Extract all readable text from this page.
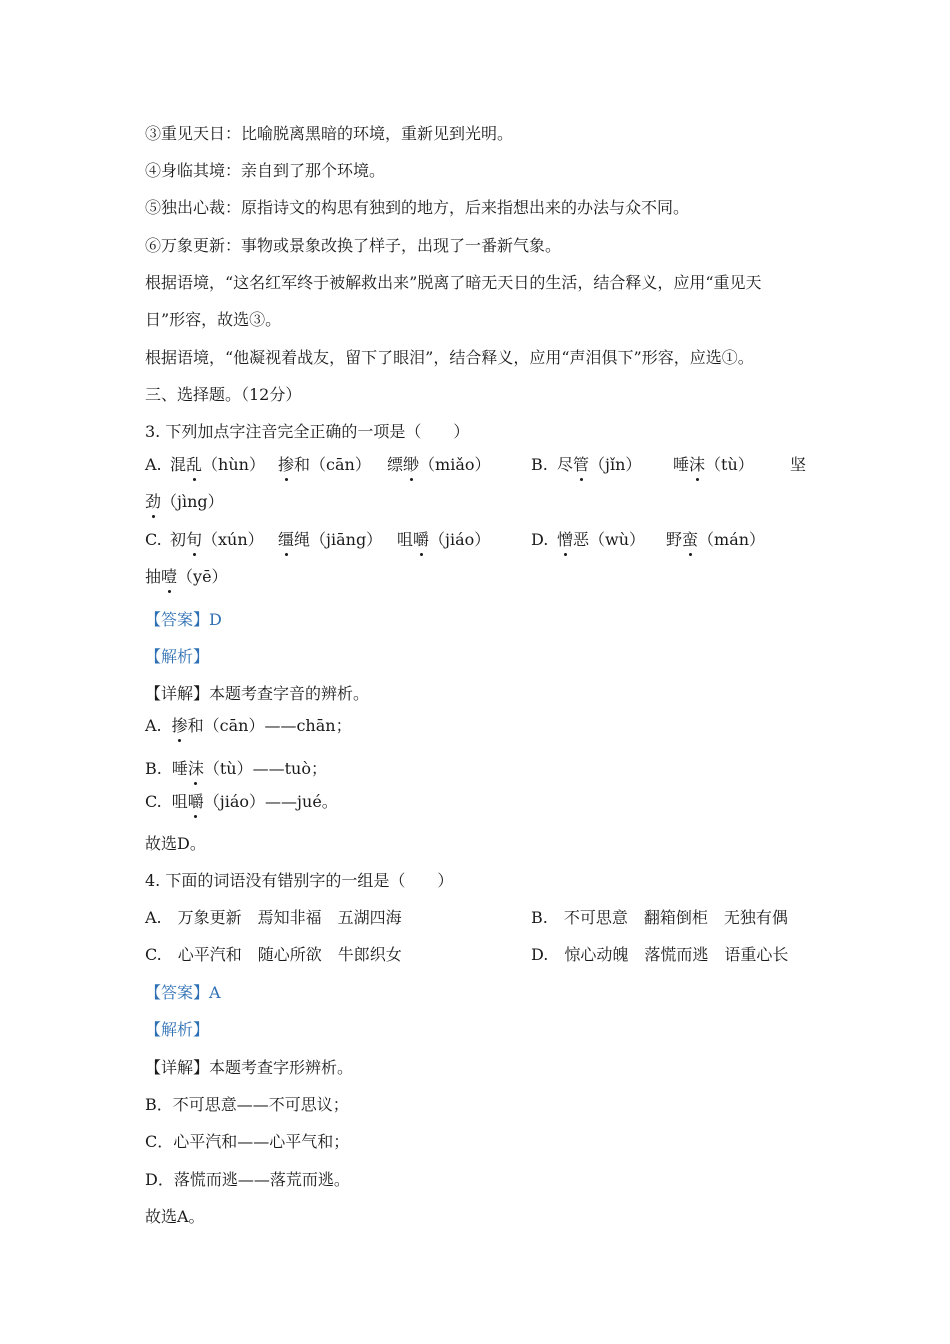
③重见天日：比喻脱离黑暗的环境，重新见到光明。
④身临其境：亲自到了那个环境。
⑤独出心裁：原指诗文的构思有独到的地方，后来指想出来的办法与众不同。
⑥万象更新：事物或景象改换了样子，出现了一番新气象。
根据语境，“这名红军终于被解救出来”脱离了暗无天日的生活，结合释义，应用“重见天
日”形容，故选③。
根据语境，“他凝视着战友，留下了眼泪”，结合释义，应用“声泪俱下”形容，应选①。
三、选择题。（12分）
3. 下列加点字注音完全正确的一项是（　　）
A. 混乱（hùn） 掺和（cān） 缥缈（miǎo）	B. 尽管（jǐn） 唾沫（tù） 坚
劲（jìng）
C. 初旬（xún） 缰绳（jiāng） 咀嚼（jiáo）	D. 憎恶（wù） 野蛮（mán）
抽噎（yē）
【答案】D
【解析】
【详解】本题考查字音的辨析。
A. 掺和（cān）——chān；
B. 唾沫（tù）——tuò；
C. 咀嚼（jiáo）——jué。
故选D。
4. 下面的词语没有错别字的一组是（　　）
A.　万象更新　焉知非福　五湖四海	B.　不可思意　翻箱倒柜　无独有偶
C.　心平汽和　随心所欲　牛郎织女	D.　惊心动魄　落慌而逃　语重心长
【答案】A
【解析】
【详解】本题考查字形辨析。
B．不可思意——不可思议；
C．心平汽和——心平气和；
D．落慌而逃——落荒而逃。
故选A。
